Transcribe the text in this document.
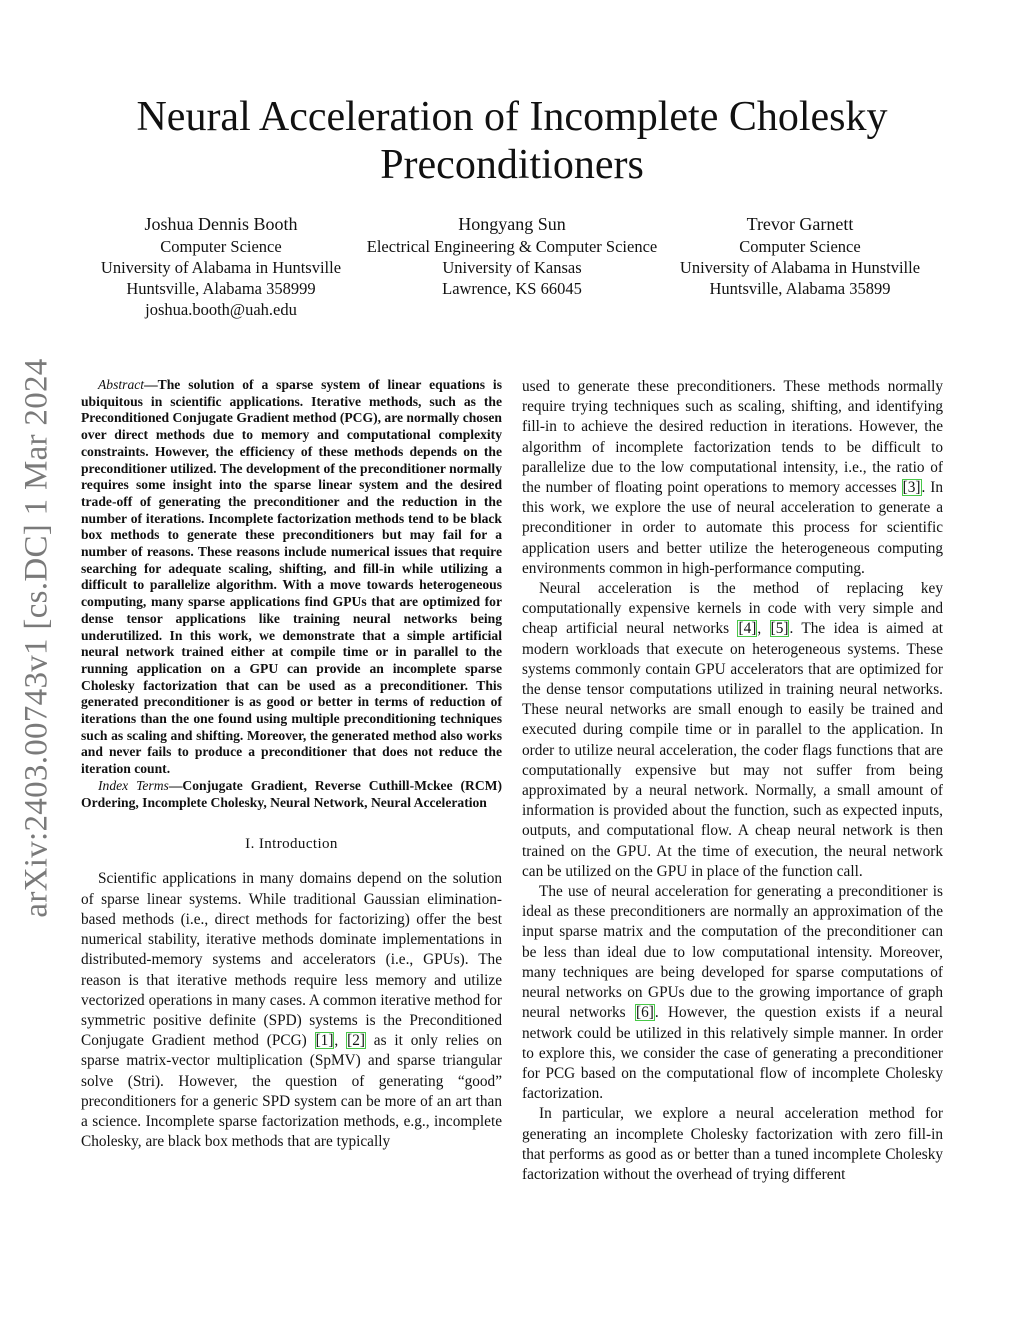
arXiv:2403.00743v1 [cs.DC] 1 Mar 2024
Neural Acceleration of Incomplete Cholesky
Preconditioners
Joshua Dennis Booth
Computer Science
University of Alabama in Huntsville
Huntsville, Alabama 358999
joshua.booth@uah.edu
Hongyang Sun
Electrical Engineering & Computer Science
University of Kansas
Lawrence, KS 66045
Trevor Garnett
Computer Science
University of Alabama in Hunstville
Huntsville, Alabama 35899

Abstract—The solution of a sparse system of linear equations is ubiquitous in scientific applications. Iterative methods, such as the Preconditioned Conjugate Gradient method (PCG), are normally chosen over direct methods due to memory and computational complexity constraints. However, the efficiency of these methods depends on the preconditioner utilized. The development of the preconditioner normally requires some insight into the sparse linear system and the desired trade-off of generating the preconditioner and the reduction in the number of iterations. Incomplete factorization methods tend to be black box methods to generate these preconditioners but may fail for a number of reasons. These reasons include numerical issues that require searching for adequate scaling, shifting, and fill-in while utilizing a difficult to parallelize algorithm. With a move towards heterogeneous computing, many sparse applications find GPUs that are optimized for dense tensor applications like training neural networks being underutilized. In this work, we demonstrate that a simple artificial neural network trained either at compile time or in parallel to the running application on a GPU can provide an incomplete sparse Cholesky factorization that can be used as a preconditioner. This generated preconditioner is as good or better in terms of reduction of iterations than the one found using multiple preconditioning techniques such as scaling and shifting. Moreover, the generated method also works and never fails to produce a preconditioner that does not reduce the iteration count.

Index Terms—Conjugate Gradient, Reverse Cuthill-Mckee (RCM) Ordering, Incomplete Cholesky, Neural Network, Neural Acceleration

I. Introduction

Scientific applications in many domains depend on the solution of sparse linear systems. While traditional Gaussian elimination-based methods (i.e., direct methods for factorizing) offer the best numerical stability, iterative methods dominate implementations in distributed-memory systems and accelerators (i.e., GPUs). The reason is that iterative methods require less memory and utilize vectorized operations in many cases. A common iterative method for symmetric positive definite (SPD) systems is the Preconditioned Conjugate Gradient method (PCG) [1], [2] as it only relies on sparse matrix-vector multiplication (SpMV) and sparse triangular solve (Stri). However, the question of generating “good” preconditioners for a generic SPD system can be more of an art than a science. Incomplete sparse factorization methods, e.g., incomplete Cholesky, are black box methods that are typically

used to generate these preconditioners. These methods normally require trying techniques such as scaling, shifting, and identifying fill-in to achieve the desired reduction in iterations. However, the algorithm of incomplete factorization tends to be difficult to parallelize due to the low computational intensity, i.e., the ratio of the number of floating point operations to memory accesses [3]. In this work, we explore the use of neural acceleration to generate a preconditioner in order to automate this process for scientific application users and better utilize the heterogeneous computing environments common in high-performance computing.

Neural acceleration is the method of replacing key computationally expensive kernels in code with very simple and cheap artificial neural networks [4], [5]. The idea is aimed at modern workloads that execute on heterogeneous systems. These systems commonly contain GPU accelerators that are optimized for the dense tensor computations utilized in training neural networks. These neural networks are small enough to easily be trained and executed during compile time or in parallel to the application. In order to utilize neural acceleration, the coder flags functions that are computationally expensive but may not suffer from being approximated by a neural network. Normally, a small amount of information is provided about the function, such as expected inputs, outputs, and computational flow. A cheap neural network is then trained on the GPU. At the time of execution, the neural network can be utilized on the GPU in place of the function call.

The use of neural acceleration for generating a preconditioner is ideal as these preconditioners are normally an approximation of the input sparse matrix and the computation of the preconditioner can be less than ideal due to low computational intensity. Moreover, many techniques are being developed for sparse computations of neural networks on GPUs due to the growing importance of graph neural networks [6]. However, the question exists if a neural network could be utilized in this relatively simple manner. In order to explore this, we consider the case of generating a preconditioner for PCG based on the computational flow of incomplete Cholesky factorization.

In particular, we explore a neural acceleration method for generating an incomplete Cholesky factorization with zero fill-in that performs as good as or better than a tuned incomplete Cholesky factorization without the overhead of trying different
